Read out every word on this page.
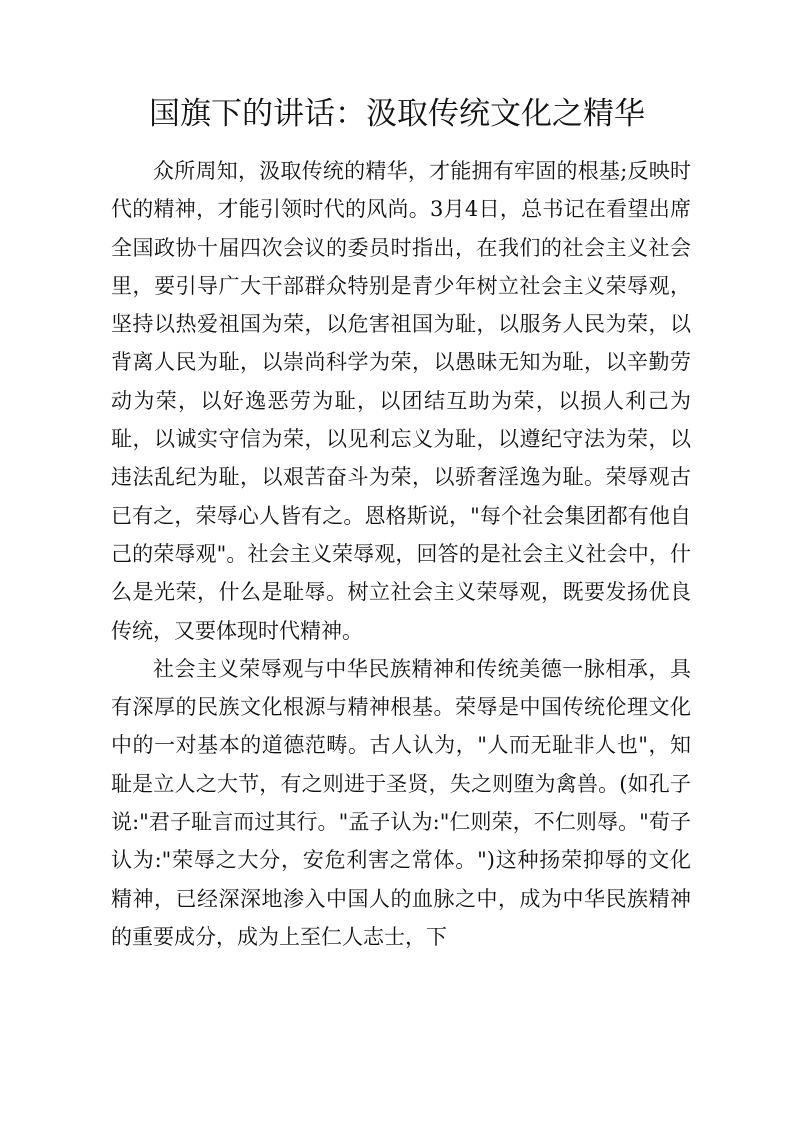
国旗下的讲话：汲取传统文化之精华

众所周知，汲取传统的精华，才能拥有牢固的根基;反映时代的精神，才能引领时代的风尚。3月4日，总书记在看望出席全国政协十届四次会议的委员时指出，在我们的社会主义社会里，要引导广大干部群众特别是青少年树立社会主义荣辱观，坚持以热爱祖国为荣，以危害祖国为耻，以服务人民为荣，以背离人民为耻，以崇尚科学为荣，以愚昧无知为耻，以辛勤劳动为荣，以好逸恶劳为耻，以团结互助为荣，以损人利己为耻，以诚实守信为荣，以见利忘义为耻，以遵纪守法为荣，以违法乱纪为耻，以艰苦奋斗为荣，以骄奢淫逸为耻。荣辱观古已有之，荣辱心人皆有之。恩格斯说，"每个社会集团都有他自己的荣辱观"。社会主义荣辱观，回答的是社会主义社会中，什么是光荣，什么是耻辱。树立社会主义荣辱观，既要发扬优良传统，又要体现时代精神。

社会主义荣辱观与中华民族精神和传统美德一脉相承，具有深厚的民族文化根源与精神根基。荣辱是中国传统伦理文化中的一对基本的道德范畴。古人认为，"人而无耻非人也"，知耻是立人之大节，有之则进于圣贤，失之则堕为禽兽。(如孔子说:"君子耻言而过其行。"孟子认为:"仁则荣，不仁则辱。"荀子认为:"荣辱之大分，安危利害之常体。")这种扬荣抑辱的文化精神，已经深深地渗入中国人的血脉之中，成为中华民族精神的重要成分，成为上至仁人志士，下
